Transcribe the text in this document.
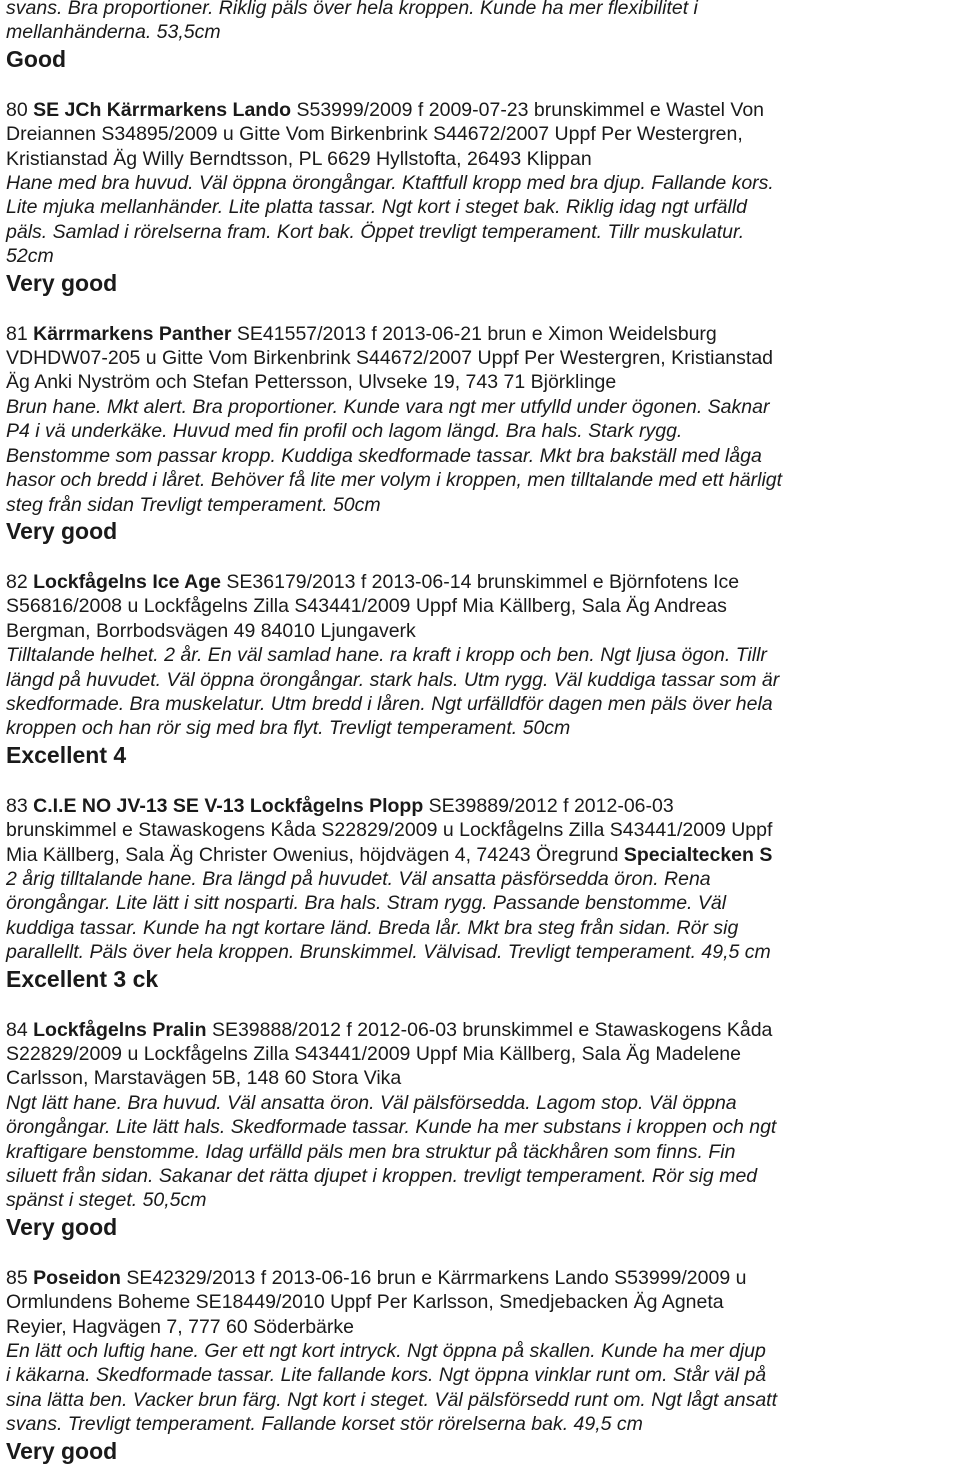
svans. Bra proportioner. Riklig päls över hela kroppen. Kunde ha mer flexibilitet i
mellanhänderna. 53,5cm
Good
80 SE JCh Kärrmarkens Lando S53999/2009 f 2009-07-23 brunskimmel e Wastel Von
Dreiannen S34895/2009 u Gitte Vom Birkenbrink S44672/2007 Uppf Per Westergren,
Kristianstad Äg Willy Berndtsson, PL 6629 Hyllstofta, 26493 Klippan
Hane med bra huvud. Väl öppna örongångar. Ktaftfull kropp med bra djup. Fallande kors.
Lite mjuka mellanhänder. Lite platta tassar. Ngt kort i steget bak. Riklig idag ngt urfälld
päls. Samlad i rörelserna fram. Kort bak. Öppet trevligt temperament. Tillr muskulatur.
52cm
Very good
81 Kärrmarkens Panther SE41557/2013 f 2013-06-21 brun e Ximon Weidelsburg
VDHDW07-205 u Gitte Vom Birkenbrink S44672/2007 Uppf Per Westergren, Kristianstad
Äg Anki Nyström och Stefan Pettersson, Ulvseke 19, 743 71 Björklinge
Brun hane. Mkt alert. Bra proportioner. Kunde vara ngt mer utfylld under ögonen. Saknar
P4 i vä underkäke. Huvud med fin profil och lagom längd. Bra hals. Stark rygg.
Benstomme som passar kropp. Kuddiga skedformade tassar. Mkt bra bakställ med låga
hasor och bredd i låret. Behöver få lite mer volym i kroppen, men tilltalande med ett härligt
steg från sidan Trevligt temperament. 50cm
Very good
82 Lockfågelns Ice Age SE36179/2013 f 2013-06-14 brunskimmel e Björnfotens Ice
S56816/2008 u Lockfågelns Zilla S43441/2009 Uppf Mia Källberg, Sala Äg Andreas
Bergman, Borrbodsvägen 49 84010 Ljungaverk
Tilltalande helhet. 2 år. En väl samlad hane. ra kraft i kropp och ben. Ngt ljusa ögon. Tillr
längd på huvudet. Väl öppna örongångar. stark hals. Utm rygg. Väl kuddiga tassar som är
skedformade. Bra muskelatur. Utm bredd i låren. Ngt urfälldför dagen men päls över hela
kroppen och han rör sig med bra flyt. Trevligt temperament. 50cm
Excellent 4
83 C.I.E NO JV-13 SE V-13 Lockfågelns Plopp SE39889/2012 f 2012-06-03
brunskimmel e Stawaskogens Kåda S22829/2009 u Lockfågelns Zilla S43441/2009 Uppf
Mia Källberg, Sala Äg Christer Owenius, höjdvägen 4, 74243 Öregrund Specialtecken S
2 årig tilltalande hane. Bra längd på huvudet. Väl ansatta päsförsedda öron. Rena
örongångar. Lite lätt i sitt nosparti. Bra hals. Stram rygg. Passande benstomme. Väl
kuddiga tassar. Kunde ha ngt kortare länd. Breda lår. Mkt bra steg från sidan. Rör sig
parallellt. Päls över hela kroppen. Brunskimmel. Välvisad. Trevligt temperament. 49,5 cm
Excellent 3 ck
84 Lockfågelns Pralin SE39888/2012 f 2012-06-03 brunskimmel e Stawaskogens Kåda
S22829/2009 u Lockfågelns Zilla S43441/2009 Uppf Mia Källberg, Sala Äg Madelene
Carlsson, Marstavägen 5B, 148 60 Stora Vika
Ngt lätt hane. Bra huvud. Väl ansatta öron. Väl pälsförsedda. Lagom stop. Väl öppna
örongångar. Lite lätt hals. Skedformade tassar. Kunde ha mer substans i kroppen och ngt
kraftigare benstomme. Idag urfälld päls men bra struktur på täckhåren som finns. Fin
siluett från sidan. Sakanar det rätta djupet i kroppen. trevligt temperament. Rör sig med
spänst i steget. 50,5cm
Very good
85 Poseidon SE42329/2013 f 2013-06-16 brun e Kärrmarkens Lando S53999/2009 u
Ormlundens Boheme SE18449/2010 Uppf Per Karlsson, Smedjebacken Äg Agneta
Reyier, Hagvägen 7, 777 60 Söderbärke
En lätt och luftig hane. Ger ett ngt kort intryck. Ngt öppna på skallen. Kunde ha mer djup
i käkarna. Skedformade tassar. Lite fallande kors. Ngt öppna vinklar runt om. Står väl på
sina lätta ben. Vacker brun färg. Ngt kort i steget. Väl pälsförsedd runt om. Ngt lågt ansatt
svans. Trevligt temperament. Fallande korset stör rörelserna bak. 49,5 cm
Very good
